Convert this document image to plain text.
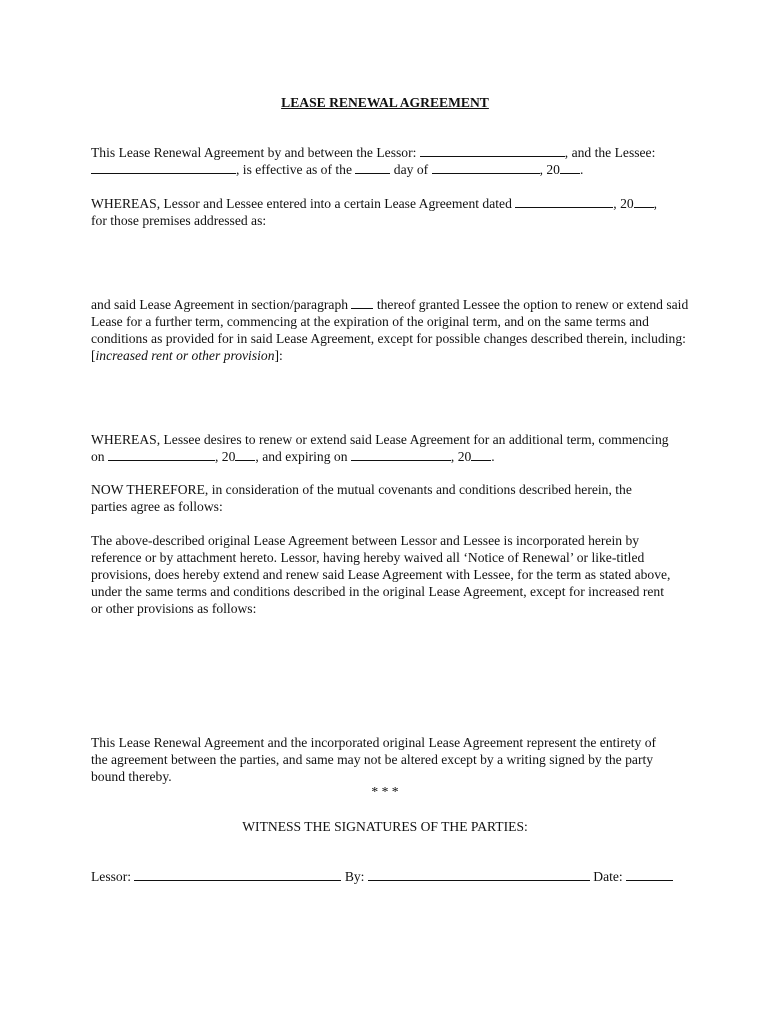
LEASE RENEWAL AGREEMENT
This Lease Renewal Agreement by and between the Lessor:	, and the Lessee:
, is effective as of the	day of	, 20 .
WHEREAS, Lessor and Lessee entered into a certain Lease Agreement dated	, 20 ,
for those premises addressed as:
and said Lease Agreement in section/paragraph  thereof granted Lessee the option to renew or extend said
Lease for a further term, commencing at the expiration of the original term, and on the same terms and
conditions as provided for in said Lease Agreement, except for possible changes described therein, including:
[increased rent or other provision]:
WHEREAS, Lessee desires to renew or extend said Lease Agreement for an additional term, commencing
on	, 20 , and expiring on	, 20 .
NOW THEREFORE, in consideration of the mutual covenants and conditions described herein, the
parties agree as follows:
The above-described original Lease Agreement between Lessor and Lessee is incorporated herein by
reference or by attachment hereto. Lessor, having hereby waived all ‘Notice of Renewal’ or like-titled
provisions, does hereby extend and renew said Lease Agreement with Lessee, for the term as stated above,
under the same terms and conditions described in the original Lease Agreement, except for increased rent
or other provisions as follows:
This Lease Renewal Agreement and the incorporated original Lease Agreement represent the entirety of
the agreement between the parties, and same may not be altered except by a writing signed by the party
bound thereby.
* * *
WITNESS THE SIGNATURES OF THE PARTIES:
Lessor:	By:	Date:
